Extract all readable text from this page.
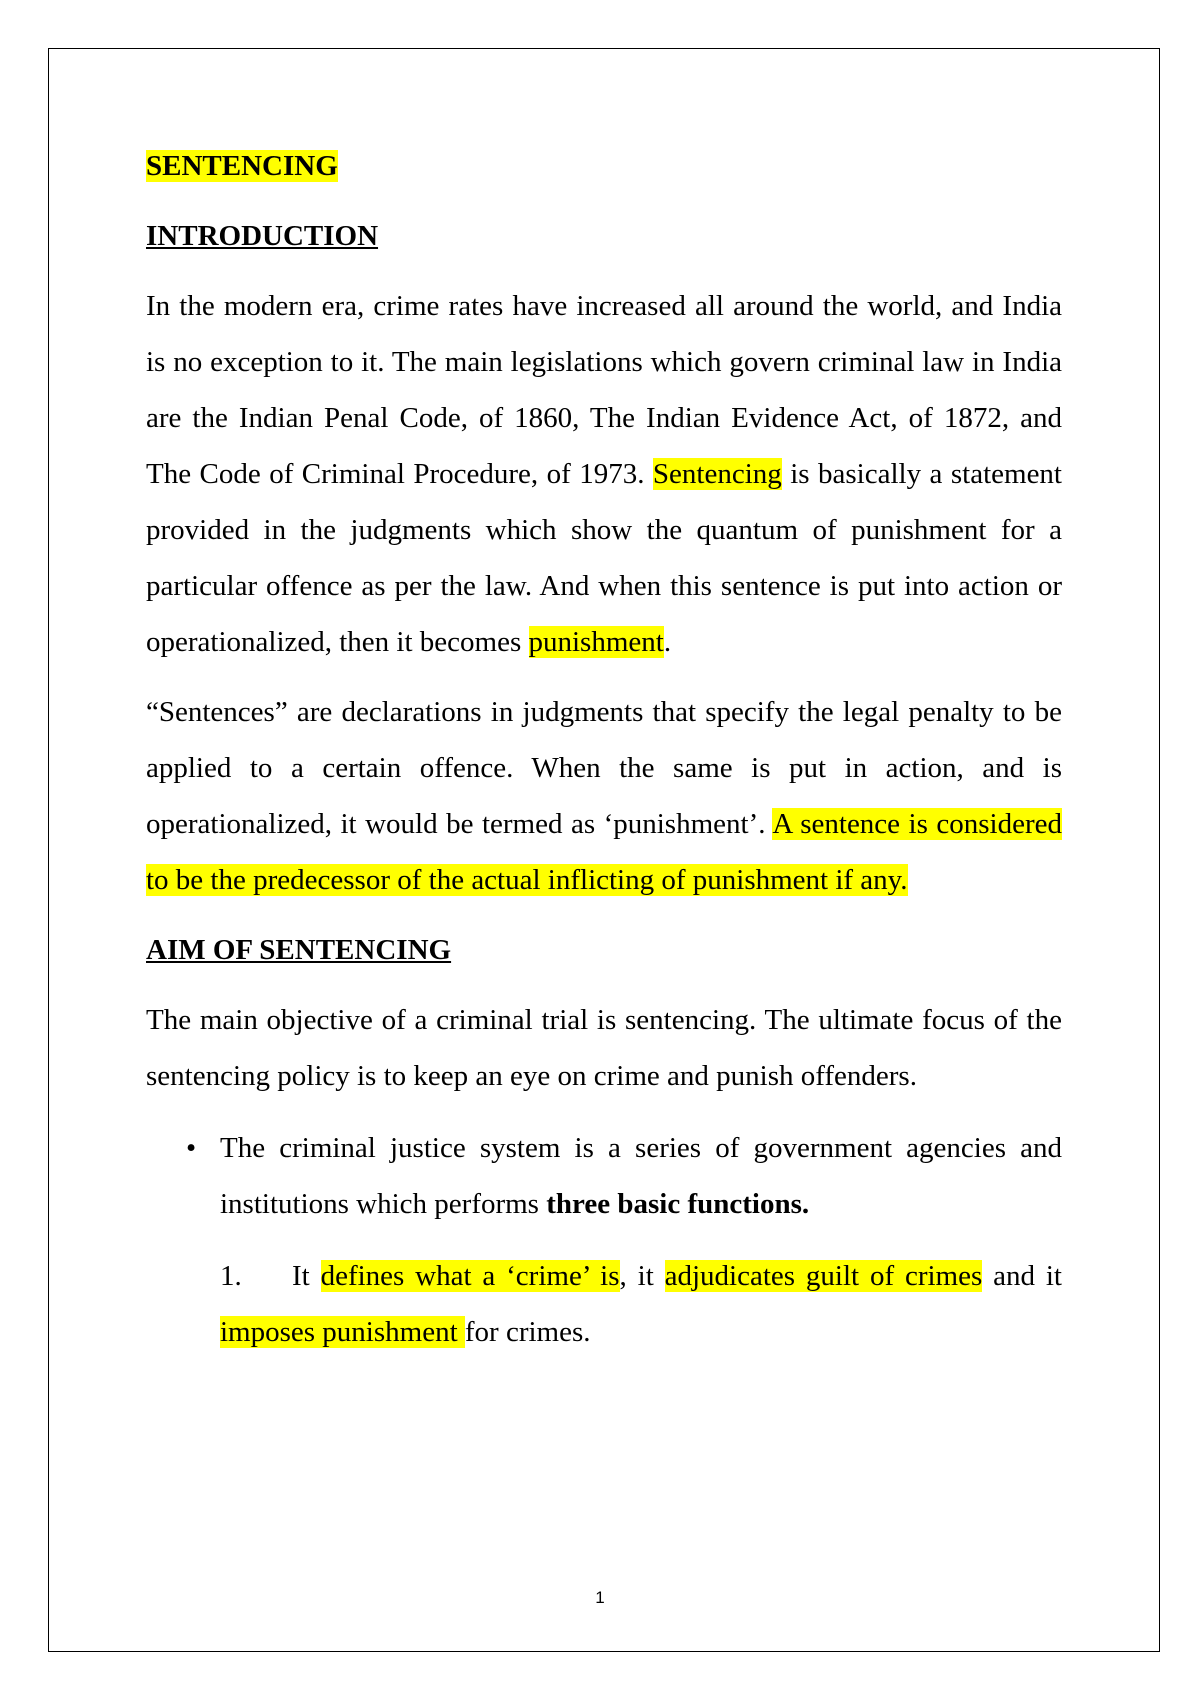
SENTENCING
INTRODUCTION

In the modern era, crime rates have increased all around the world, and India is no exception to it. The main legislations which govern criminal law in India are the Indian Penal Code, of 1860, The Indian Evidence Act, of 1872, and The Code of Criminal Procedure, of 1973. Sentencing is basically a statement provided in the judgments which show the quantum of punishment for a particular offence as per the law. And when this sentence is put into action or operationalized, then it becomes punishment.

“Sentences” are declarations in judgments that specify the legal penalty to be applied to a certain offence. When the same is put in action, and is operationalized, it would be termed as ‘punishment’. A sentence is considered to be the predecessor of the actual inflicting of punishment if any.

AIM OF SENTENCING

The main objective of a criminal trial is sentencing. The ultimate focus of the sentencing policy is to keep an eye on crime and punish offenders.

• The criminal justice system is a series of government agencies and institutions which performs three basic functions.
1. It defines what a ‘crime’ is, it adjudicates guilt of crimes and it imposes punishment for crimes.
1
